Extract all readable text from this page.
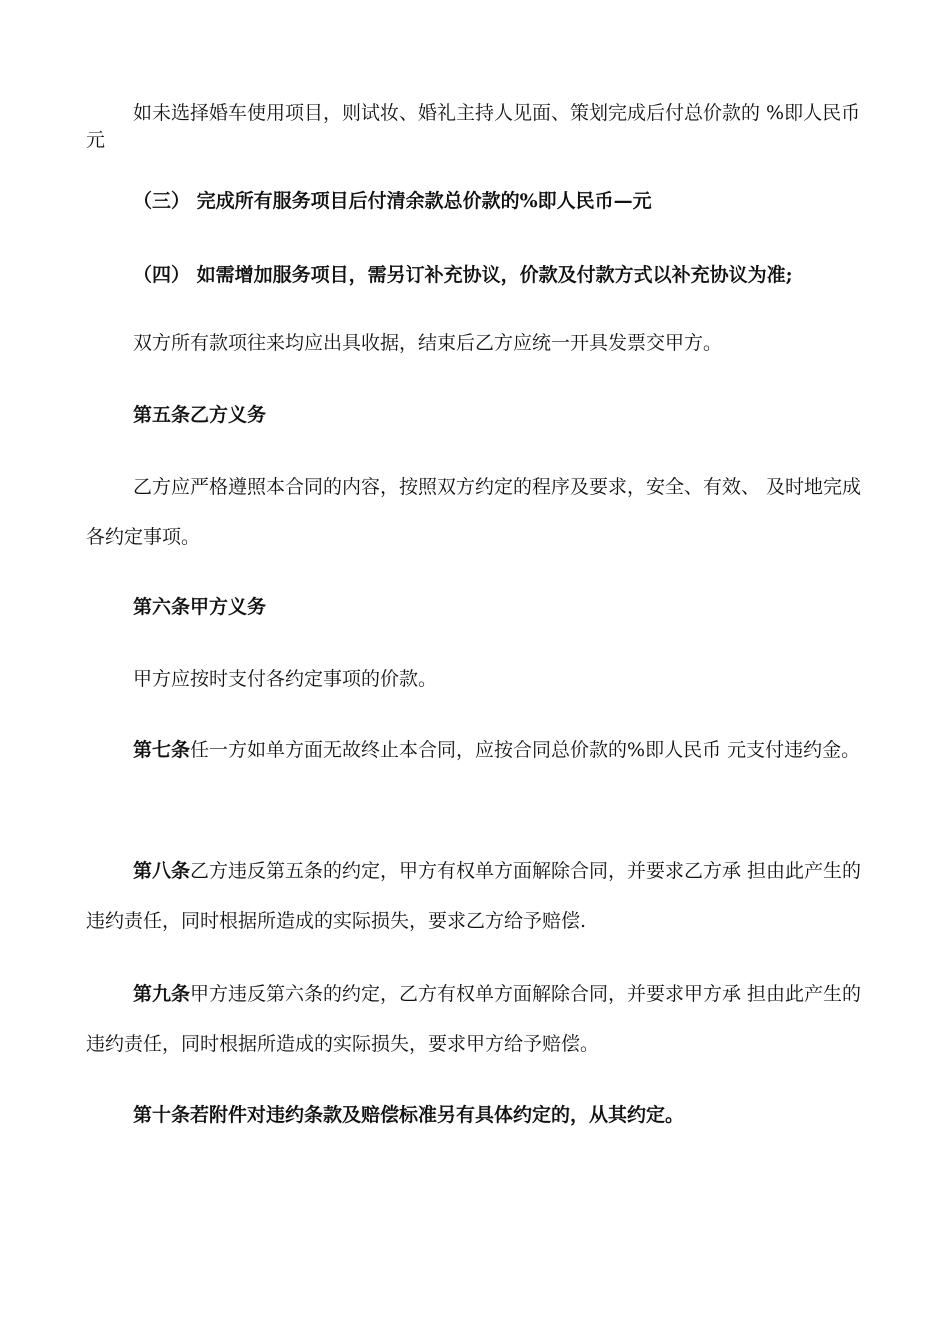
如未选择婚车使用项目，则试妆、婚礼主持人见面、策划完成后付总价款的 %即人民币 元

（三） 完成所有服务项目后付清余款总价款的%即人民币—元

（四） 如需增加服务项目，需另订补充协议，价款及付款方式以补充协议为准;

双方所有款项往来均应出具收据，结束后乙方应统一开具发票交甲方。

第五条乙方义务

乙方应严格遵照本合同的内容，按照双方约定的程序及要求，安全、有效、 及时地完成各约定事项。

第六条甲方义务

甲方应按时支付各约定事项的价款。

第七条任一方如单方面无故终止本合同，应按合同总价款的%即人民币 元支付违约金。

第八条乙方违反第五条的约定，甲方有权单方面解除合同，并要求乙方承 担由此产生的违约责任，同时根据所造成的实际损失，要求乙方给予赔偿.

第九条甲方违反第六条的约定，乙方有权单方面解除合同，并要求甲方承 担由此产生的违约责任，同时根据所造成的实际损失，要求甲方给予赔偿。

第十条若附件对违约条款及赔偿标准另有具体约定的，从其约定。
